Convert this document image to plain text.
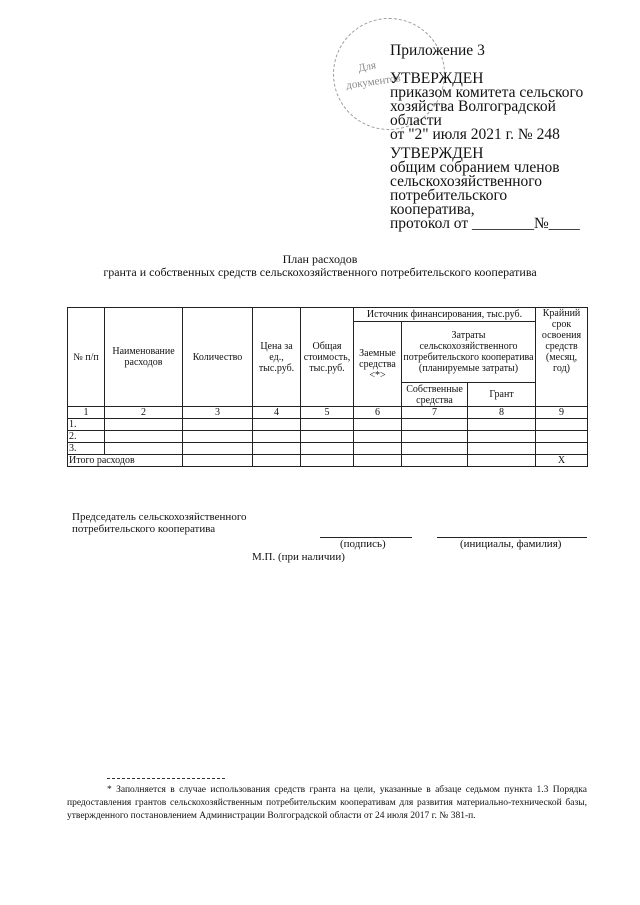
Для
документов
Приложение 3
УТВЕРЖДЕН
приказом комитета сельского
хозяйства Волгоградской
области
от "2" июля 2021 г. № 248
УТВЕРЖДЕН
общим собранием членов
сельскохозяйственного
потребительского
кооператива,
протокол от ________№____
План расходов
гранта и собственных средств сельскохозяйственного потребительского кооператива
№ п/п	Наименование расходов	Количество	Цена за ед., тыс.руб.	Общая стоимость, тыс.руб.	Источник финансирования, тыс.руб.			Крайний срок освоения средств (месяц, год)
					Заемные средства <*>	Затраты сельскохозяйственного потребительского кооператива (планируемые затраты)		
						Собственные средства	Грант	
1	2	3	4	5	6	7	8	9
1.								
2.								
3.								
Итого расходов								Х
Председатель сельскохозяйственного
потребительского кооператива
(подпись)	(инициалы, фамилия)
М.П. (при наличии)
* Заполняется в случае использования средств гранта на цели, указанные в абзаце седьмом пункта 1.3 Порядка предоставления грантов сельскохозяйственным потребительским кооперативам для развития материально-технической базы, утвержденного постановлением Администрации Волгоградской области от 24 июля 2017 г. № 381-п.
